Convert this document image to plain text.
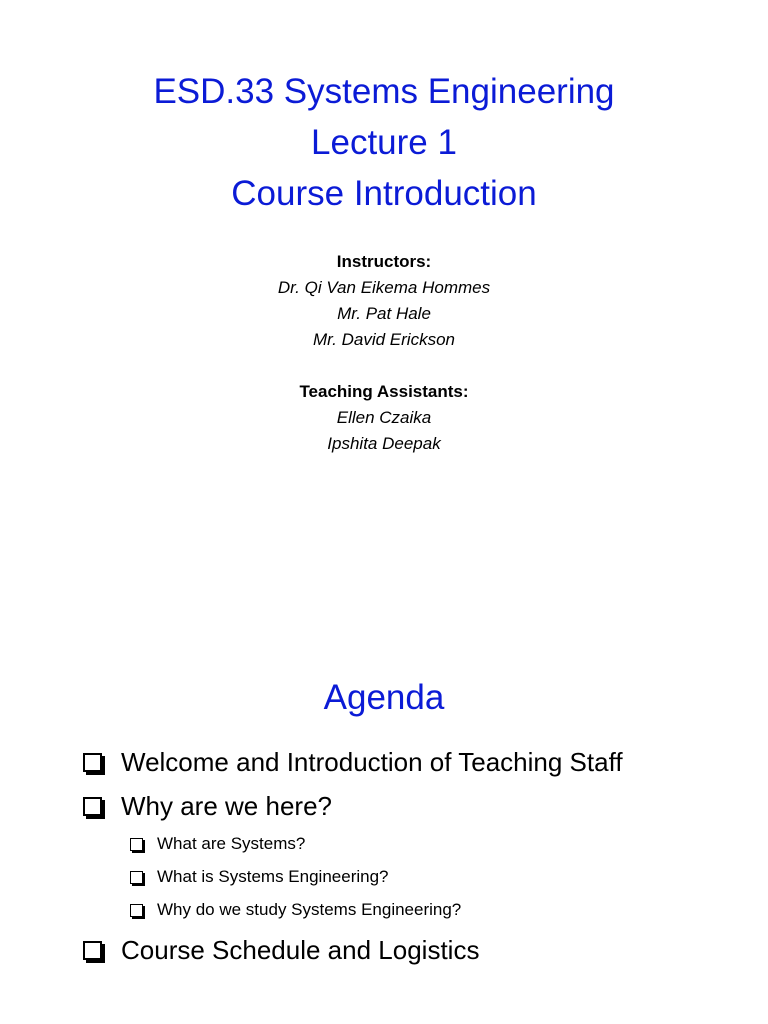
ESD.33 Systems Engineering
Lecture 1
Course Introduction
Instructors:
Dr. Qi Van Eikema Hommes
Mr. Pat Hale
Mr. David Erickson
Teaching Assistants:
Ellen Czaika
Ipshita Deepak
Agenda
Welcome and Introduction of Teaching Staff
Why are we here?
What are Systems?
What is Systems Engineering?
Why do we study Systems Engineering?
Course Schedule and Logistics
